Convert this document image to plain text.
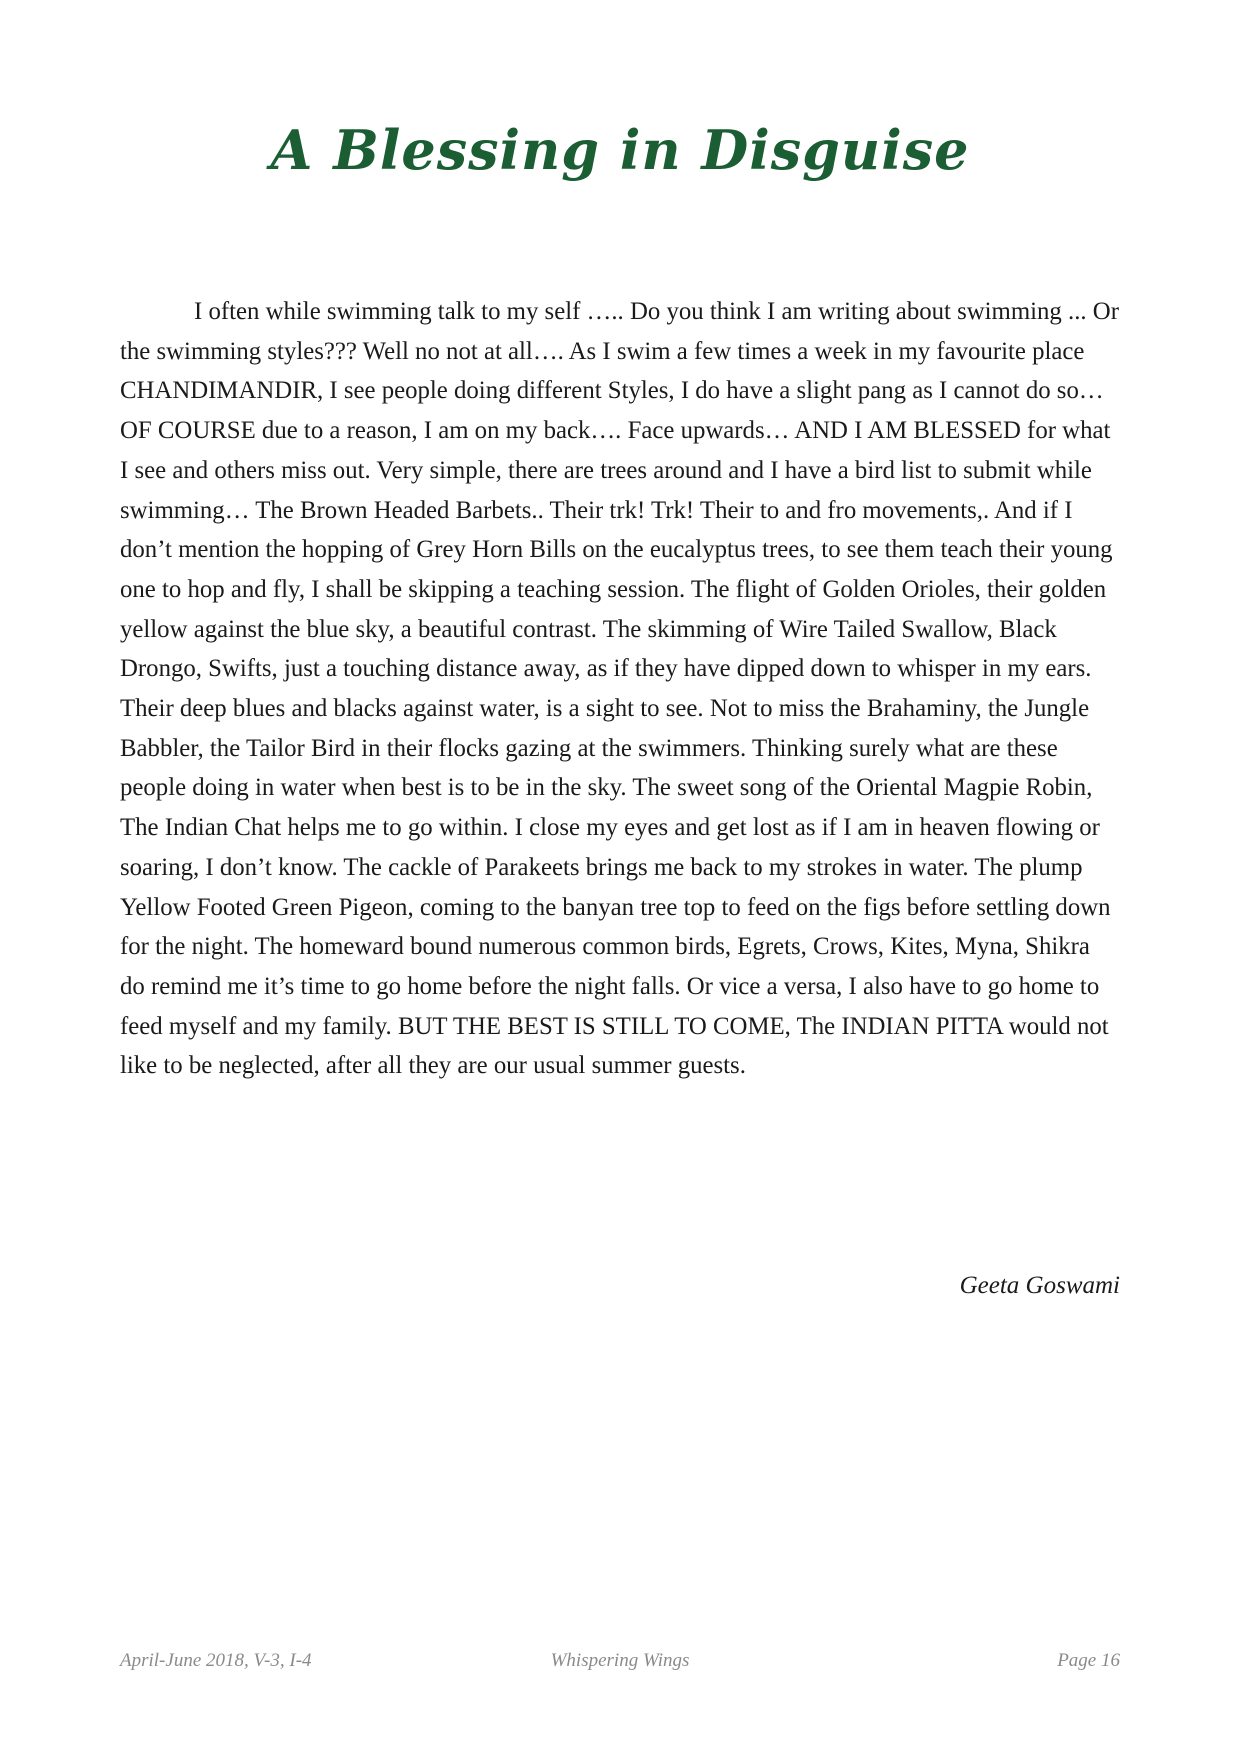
A Blessing in Disguise

I often while swimming talk to my self ….. Do you think I am writing about swimming ... Or the swimming styles??? Well no not at all…. As I swim a few times a week in my favourite place CHANDIMANDIR, I see people doing different Styles, I do have a slight pang as I cannot do so…OF COURSE due to a reason, I am on my back…. Face upwards… AND I AM BLESSED for what I see and others miss out. Very simple, there are trees around and I have a bird list to submit while swimming… The Brown Headed Barbets.. Their trk! Trk! Their to and fro movements,. And if I don’t mention the hopping of Grey Horn Bills on the eucalyptus trees, to see them teach their young one to hop and fly, I shall be skipping a teaching session. The flight of Golden Orioles, their golden yellow against the blue sky, a beautiful contrast. The skimming of Wire Tailed Swallow, Black Drongo, Swifts, just a touching distance away, as if they have dipped down to whisper in my ears. Their deep blues and blacks against water, is a sight to see. Not to miss the Brahaminy, the Jungle Babbler, the Tailor Bird in their flocks gazing at the swimmers. Thinking surely what are these people doing in water when best is to be in the sky. The sweet song of the Oriental Magpie Robin, The Indian Chat helps me to go within. I close my eyes and get lost as if I am in heaven flowing or soaring, I don’t know. The cackle of Parakeets brings me back to my strokes in water. The plump Yellow Footed Green Pigeon, coming to the banyan tree top to feed on the figs before settling down for the night. The homeward bound numerous common birds, Egrets, Crows, Kites, Myna, Shikra do remind me it’s time to go home before the night falls. Or vice a versa, I also have to go home to feed myself and my family. BUT THE BEST IS STILL TO COME, The INDIAN PITTA would not like to be neglected, after all they are our usual summer guests.

Geeta Goswami
Whispering Wings
April-June 2018, V-3, I-4	Page 16
